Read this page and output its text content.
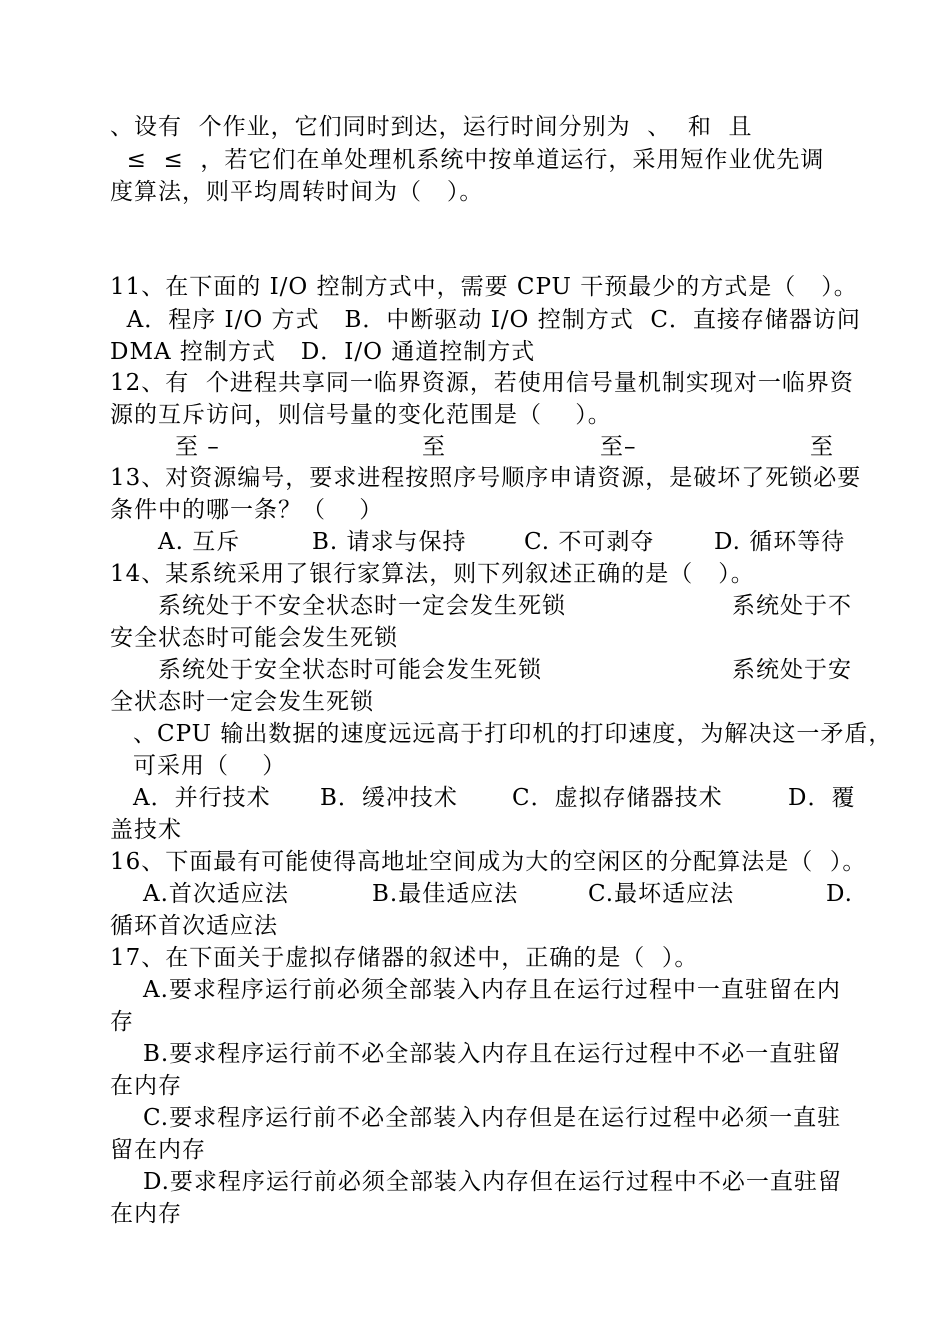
、设有  个作业，它们同时到达，运行时间分别为  、  和  且
≤  ≤  ，若它们在单处理机系统中按单道运行，采用短作业优先调
度算法，则平均周转时间为（   ）。
11、在下面的 I/O 控制方式中，需要 CPU 干预最少的方式是（   ）。
A．程序 I/O 方式   B．中断驱动 I/O 控制方式  C．直接存储器访问
DMA 控制方式   D．I/O 通道控制方式
12、有  个进程共享同一临界资源，若使用信号量机制实现对一临界资
源的互斥访问，则信号量的变化范围是（    ）。
至 –	至	至–	至
13、对资源编号，要求进程按照序号顺序申请资源，是破坏了死锁必要
条件中的哪一条？（    ）
A. 互斥	B. 请求与保持 C. 不可剥夺	D. 循环等待
14、某系统采用了银行家算法，则下列叙述正确的是（   ）。
系统处于不安全状态时一定会发生死锁	系统处于不
安全状态时可能会发生死锁
系统处于安全状态时可能会发生死锁	系统处于安
全状态时一定会发生死锁
、CPU 输出数据的速度远远高于打印机的打印速度，为解决这一矛盾，
可采用（    ）
A．并行技术 B．缓冲技术 C．虚拟存储器技术	D．覆
盖技术
16、下面最有可能使得高地址空间成为大的空闲区的分配算法是（  ）。
A.首次适应法	B.最佳适应法	C.最坏适应法	D.
循环首次适应法
17、在下面关于虚拟存储器的叙述中，正确的是（  ）。
A.要求程序运行前必须全部装入内存且在运行过程中一直驻留在内
存
B.要求程序运行前不必全部装入内存且在运行过程中不必一直驻留
在内存
C.要求程序运行前不必全部装入内存但是在运行过程中必须一直驻
留在内存
D.要求程序运行前必须全部装入内存但在运行过程中不必一直驻留
在内存
